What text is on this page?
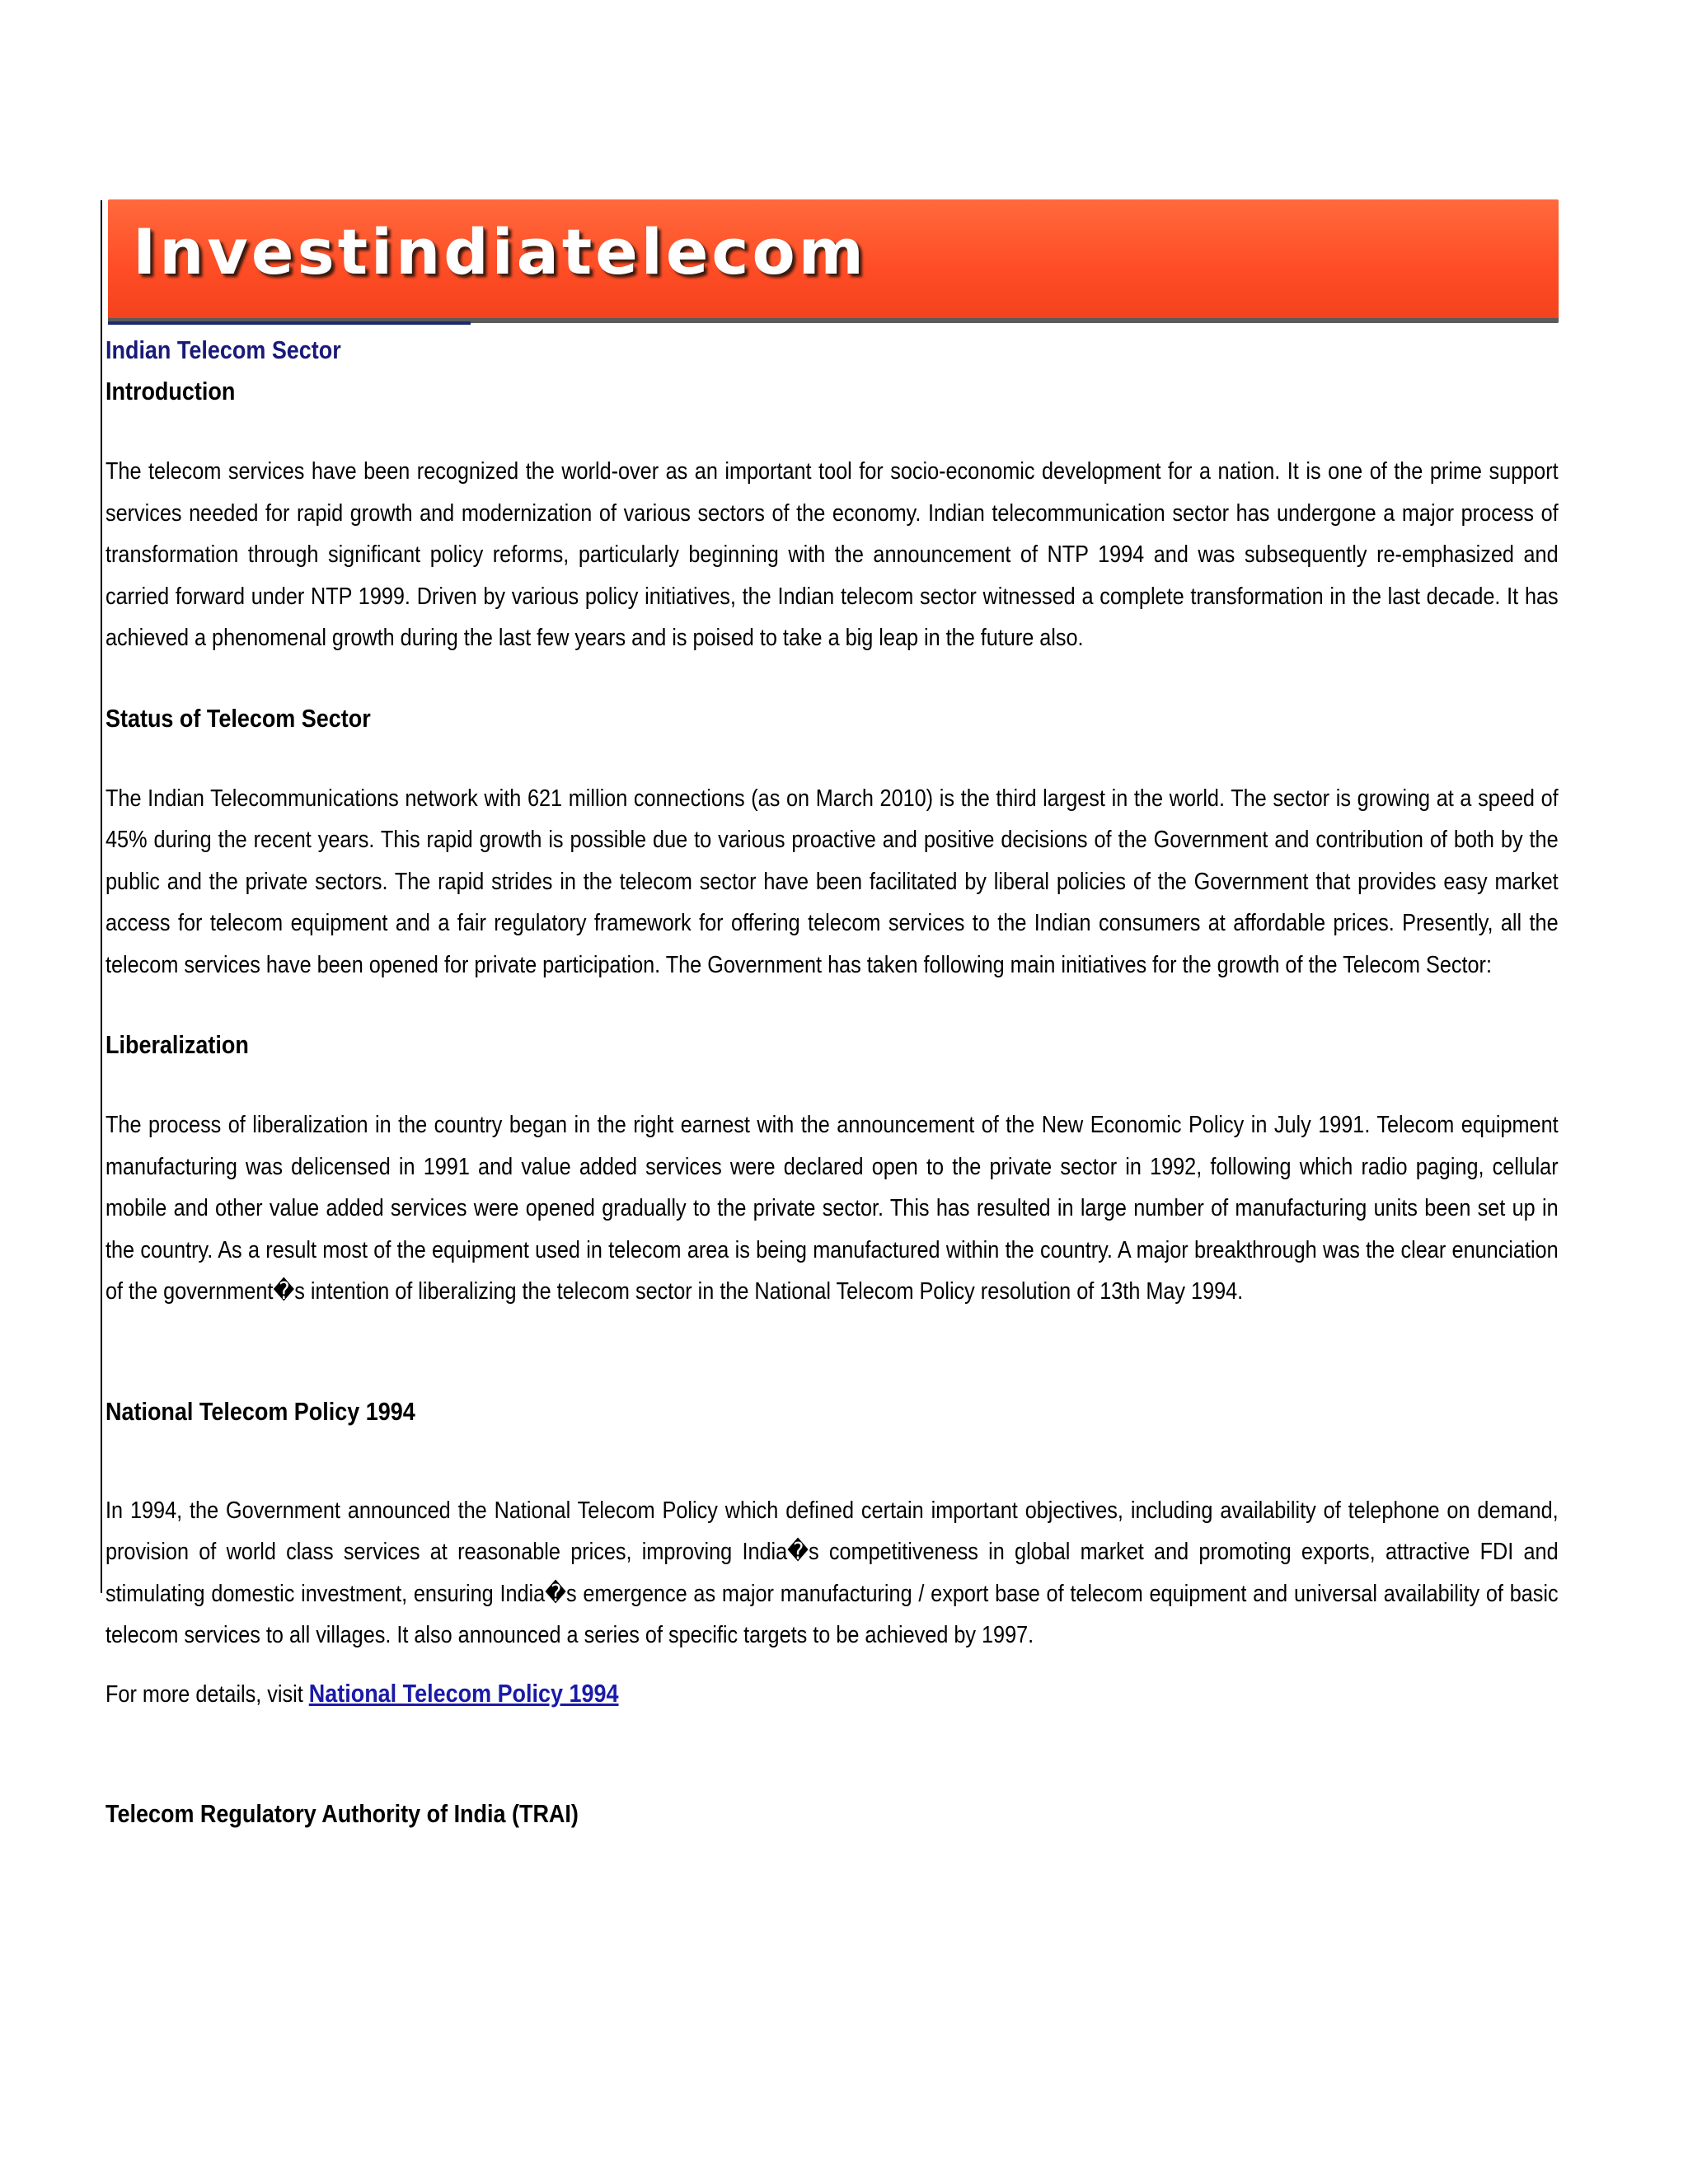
Investindiatelecom

Indian Telecom Sector

Introduction

The telecom services have been recognized the world-over as an important tool for socio-economic development for a nation. It is one of the prime support services needed for rapid growth and modernization of various sectors of the economy. Indian telecommunication sector has undergone a major process of transformation through significant policy reforms, particularly beginning with the announcement of NTP 1994 and was subsequently re-emphasized and carried forward under NTP 1999. Driven by various policy initiatives, the Indian telecom sector witnessed a complete transformation in the last decade. It has achieved a phenomenal growth during the last few years and is poised to take a big leap in the future also.

Status of Telecom Sector

The Indian Telecommunications network with 621 million connections (as on March 2010) is the third largest in the world. The sector is growing at a speed of 45% during the recent years. This rapid growth is possible due to various proactive and positive decisions of the Government and contribution of both by the public and the private sectors. The rapid strides in the telecom sector have been facilitated by liberal policies of the Government that provides easy market access for telecom equipment and a fair regulatory framework for offering telecom services to the Indian consumers at affordable prices. Presently, all the telecom services have been opened for private participation. The Government has taken following main initiatives for the growth of the Telecom Sector:

Liberalization

The process of liberalization in the country began in the right earnest with the announcement of the New Economic Policy in July 1991. Telecom equipment manufacturing was delicensed in 1991 and value added services were declared open to the private sector in 1992, following which radio paging, cellular mobile and other value added services were opened gradually to the private sector. This has resulted in large number of manufacturing units been set up in the country. As a result most of the equipment used in telecom area is being manufactured within the country. A major breakthrough was the clear enunciation of the government�s intention of liberalizing the telecom sector in the National Telecom Policy resolution of 13th May 1994.

National Telecom Policy 1994

In 1994, the Government announced the National Telecom Policy which defined certain important objectives, including availability of telephone on demand, provision of world class services at reasonable prices, improving India�s competitiveness in global market and promoting exports, attractive FDI and stimulating domestic investment, ensuring India�s emergence as major manufacturing / export base of telecom equipment and universal availability of basic telecom services to all villages. It also announced a series of specific targets to be achieved by 1997.

For more details, visit National Telecom Policy 1994

Telecom Regulatory Authority of India (TRAI)
